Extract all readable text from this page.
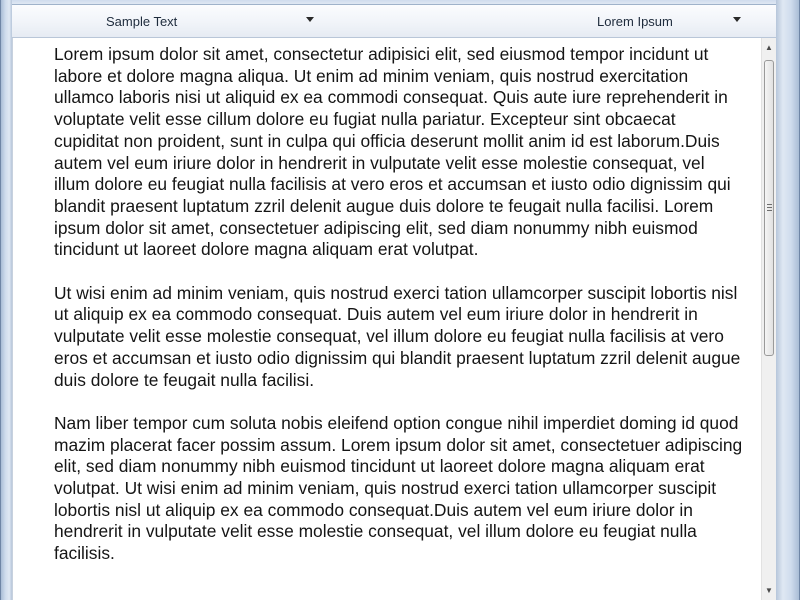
Sample Text	Lorem Ipsum

Lorem ipsum dolor sit amet, consectetur adipisici elit, sed eiusmod tempor incidunt ut labore et dolore magna aliqua. Ut enim ad minim veniam, quis nostrud exercitation ullamco laboris nisi ut aliquid ex ea commodi consequat. Quis aute iure reprehenderit in voluptate velit esse cillum dolore eu fugiat nulla pariatur. Excepteur sint obcaecat cupiditat non proident, sunt in culpa qui officia deserunt mollit anim id est laborum.Duis autem vel eum iriure dolor in hendrerit in vulputate velit esse molestie consequat, vel illum dolore eu feugiat nulla facilisis at vero eros et accumsan et iusto odio dignissim qui blandit praesent luptatum zzril delenit augue duis dolore te feugait nulla facilisi. Lorem ipsum dolor sit amet, consectetuer adipiscing elit, sed diam nonummy nibh euismod tincidunt ut laoreet dolore magna aliquam erat volutpat.

Ut wisi enim ad minim veniam, quis nostrud exerci tation ullamcorper suscipit lobortis nisl ut aliquip ex ea commodo consequat. Duis autem vel eum iriure dolor in hendrerit in vulputate velit esse molestie consequat, vel illum dolore eu feugiat nulla facilisis at vero eros et accumsan et iusto odio dignissim qui blandit praesent luptatum zzril delenit augue duis dolore te feugait nulla facilisi.

Nam liber tempor cum soluta nobis eleifend option congue nihil imperdiet doming id quod mazim placerat facer possim assum. Lorem ipsum dolor sit amet, consectetuer adipiscing elit, sed diam nonummy nibh euismod tincidunt ut laoreet dolore magna aliquam erat volutpat. Ut wisi enim ad minim veniam, quis nostrud exerci tation ullamcorper suscipit lobortis nisl ut aliquip ex ea commodo consequat.Duis autem vel eum iriure dolor in hendrerit in vulputate velit esse molestie consequat, vel illum dolore eu feugiat nulla facilisis.

▲
▼
